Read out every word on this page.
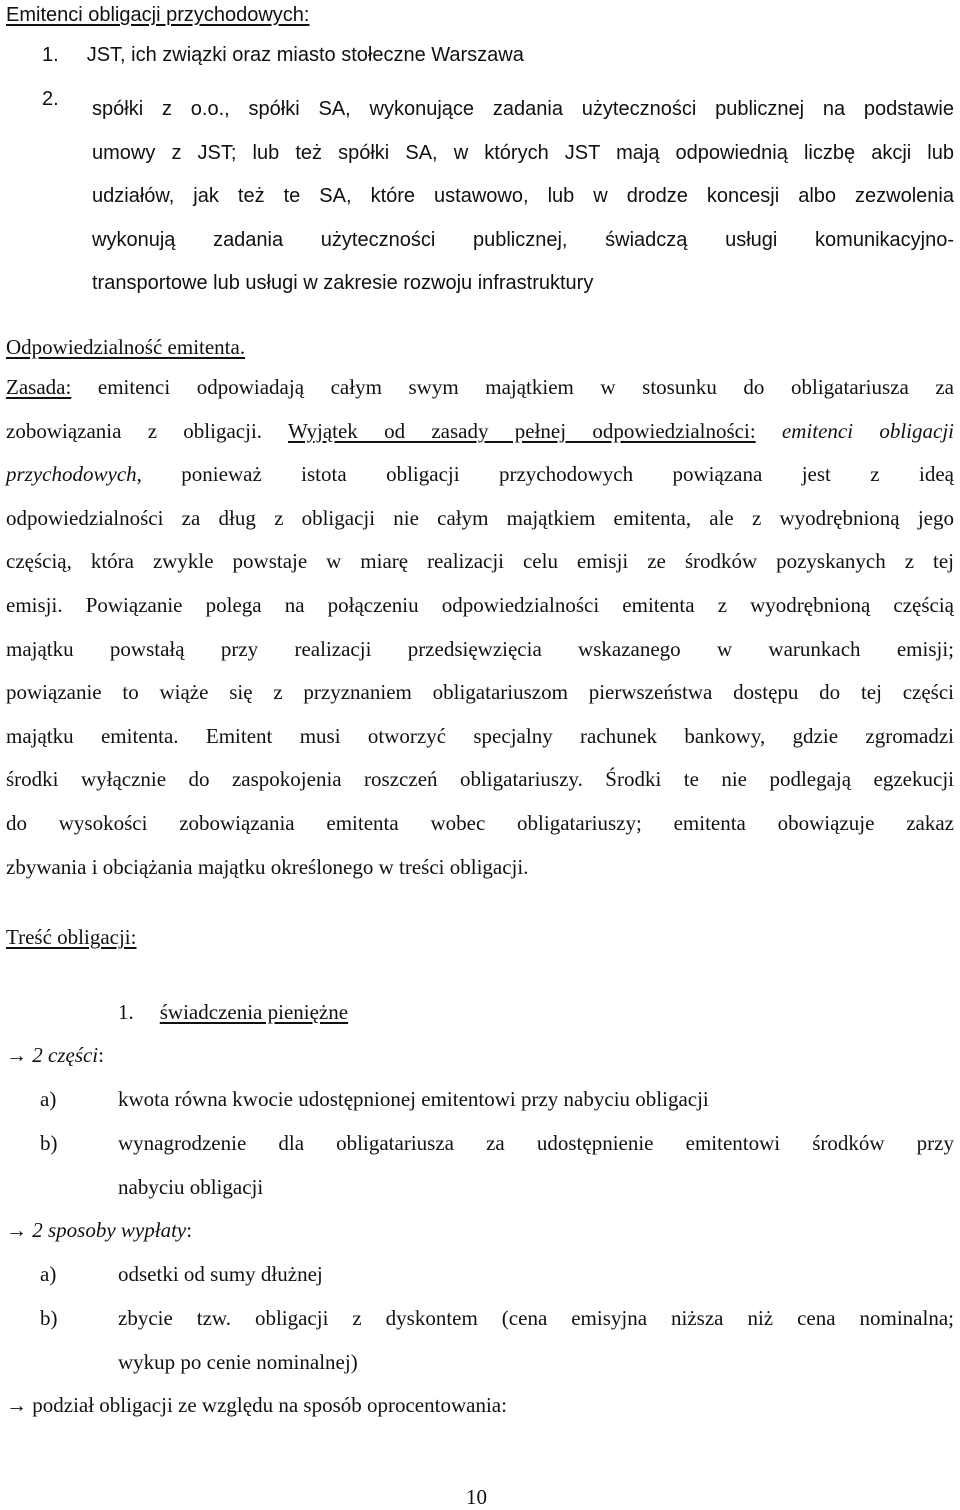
Emitenci obligacji przychodowych:
1. JST, ich związki oraz miasto stołeczne Warszawa
2. spółki z o.o., spółki SA, wykonujące zadania użyteczności publicznej na podstawie
umowy z JST; lub też spółki SA, w których JST mają odpowiednią liczbę akcji lub
udziałów, jak też te SA, które ustawowo, lub w drodze koncesji albo zezwolenia
wykonują zadania użyteczności publicznej, świadczą usługi komunikacyjno-
transportowe lub usługi w zakresie rozwoju infrastruktury
Odpowiedzialność emitenta.
Zasada: emitenci odpowiadają całym swym majątkiem w stosunku do obligatariusza za
zobowiązania z obligacji. Wyjątek od zasady pełnej odpowiedzialności: emitenci obligacji
przychodowych, ponieważ istota obligacji przychodowych powiązana jest z ideą
odpowiedzialności za dług z obligacji nie całym majątkiem emitenta, ale z wyodrębnioną jego
częścią, która zwykle powstaje w miarę realizacji celu emisji ze środków pozyskanych z tej
emisji. Powiązanie polega na połączeniu odpowiedzialności emitenta z wyodrębnioną częścią
majątku powstałą przy realizacji przedsięwzięcia wskazanego w warunkach emisji;
powiązanie to wiąże się z przyznaniem obligatariuszom pierwszeństwa dostępu do tej części
majątku emitenta. Emitent musi otworzyć specjalny rachunek bankowy, gdzie zgromadzi
środki wyłącznie do zaspokojenia roszczeń obligatariuszy. Środki te nie podlegają egzekucji
do wysokości zobowiązania emitenta wobec obligatariuszy; emitenta obowiązuje zakaz
zbywania i obciążania majątku określonego w treści obligacji.
Treść obligacji:
1. świadczenia pieniężne
→ 2 części:
a)	kwota równa kwocie udostępnionej emitentowi przy nabyciu obligacji
b)	wynagrodzenie dla obligatariusza za udostępnienie emitentowi środków przy
nabyciu obligacji
→ 2 sposoby wypłaty:
a)	odsetki od sumy dłużnej
b)	zbycie tzw. obligacji z dyskontem (cena emisyjna niższa niż cena nominalna;
wykup po cenie nominalnej)
→ podział obligacji ze względu na sposób oprocentowania:
10
